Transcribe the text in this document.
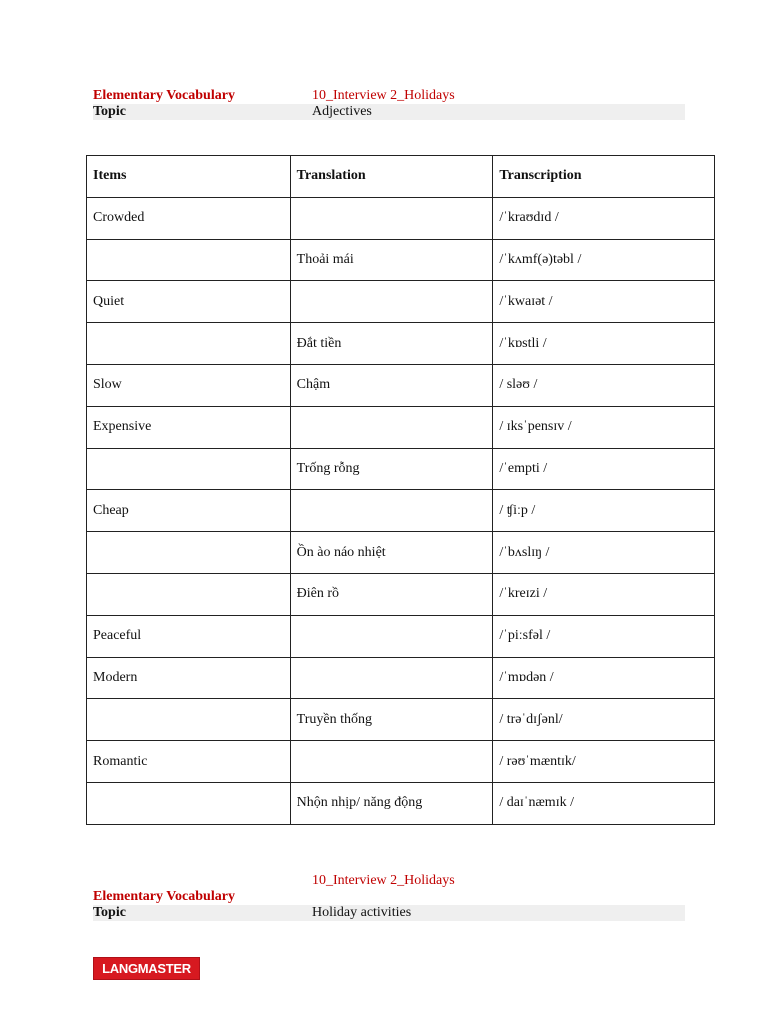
Elementary Vocabulary	10_Interview 2_Holidays
Topic	Adjectives
Items	Translation	Transcription
Crowded		/ˈkraʊdɪd /
	Thoải mái	/ˈkʌmf(ə)təbl /
Quiet		/ˈkwaɪət /
	Đắt tiền	/ˈkɒstli /
Slow	Chậm	/ sləʊ /
Expensive		/ ɪksˈpensɪv /
	Trống rỗng	/ˈempti /
Cheap		/ ʧiːp /
	Ồn ào náo nhiệt	/ˈbʌslɪŋ /
	Điên rồ	/ˈkreɪzi /
Peaceful		/ˈpiːsfəl /
Modern		/ˈmɒdən /
	Truyền thống	/ trəˈdɪʃənl/
Romantic		/ rəʊˈmæntɪk/
	Nhộn nhịp/ năng động	/ daɪˈnæmɪk /
10_Interview 2_Holidays
Elementary Vocabulary
Topic	Holiday activities
LANGMASTER
